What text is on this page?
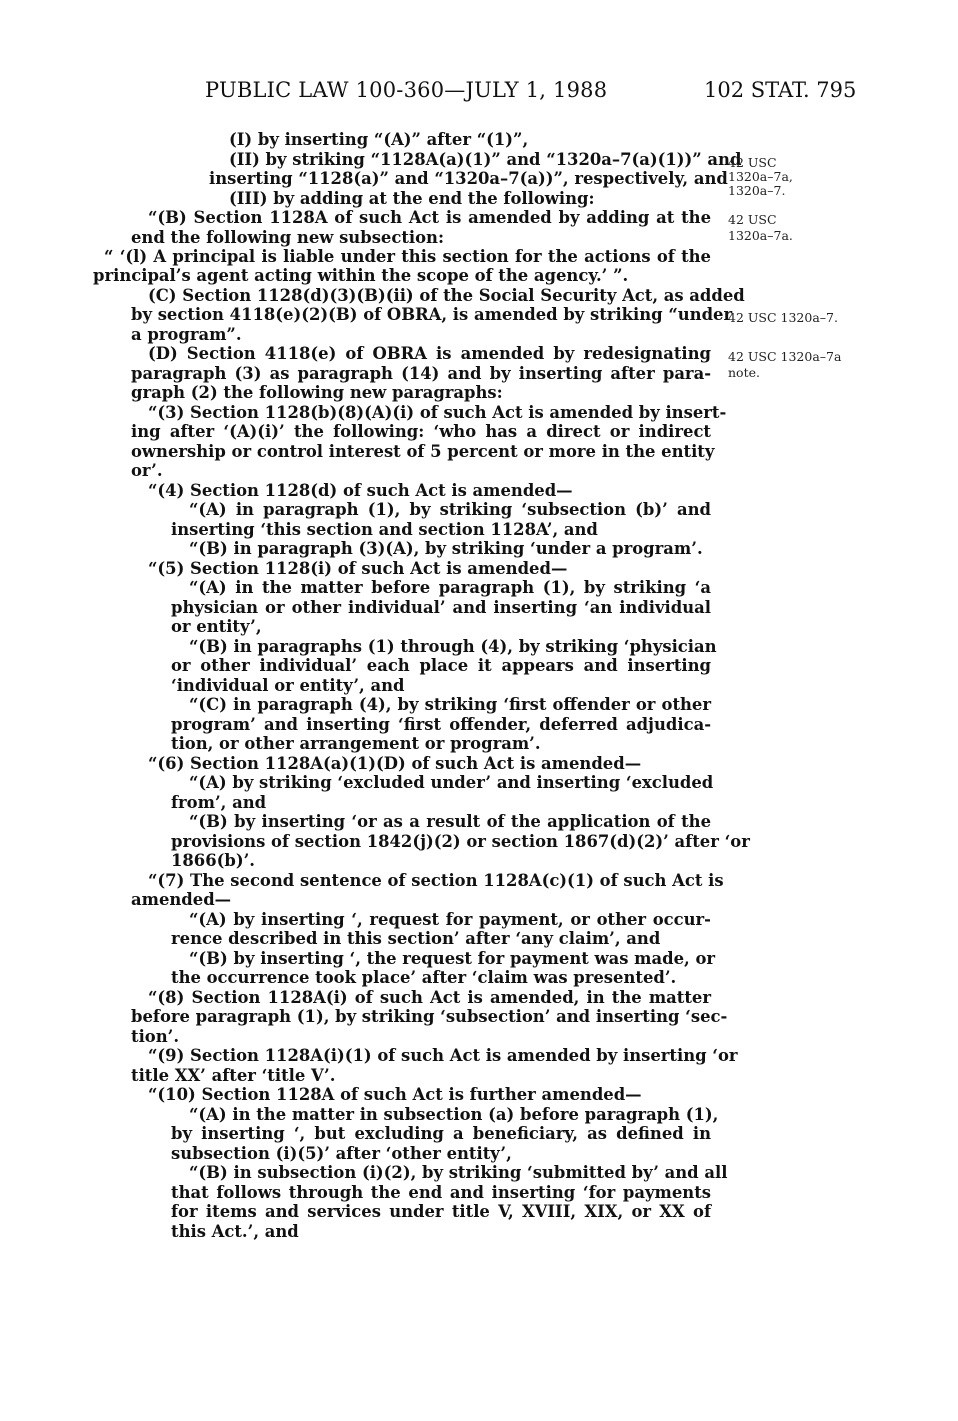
PUBLIC LAW 100-360—JULY 1, 1988	102 STAT. 795
(I) by inserting “(A)” after “(1)”,
(II) by striking “1128A(a)(1)” and “1320a–7(a)(1))” and
inserting “1128(a)” and “1320a–7(a))”, respectively, and
(III) by adding at the end the following:
“(B) Section 1128A of such Act is amended by adding at the
end the following new subsection:
“ ‘(l) A principal is liable under this section for the actions of the
principal’s agent acting within the scope of the agency.’ ”.
(C) Section 1128(d)(3)(B)(ii) of the Social Security Act, as added
by section 4118(e)(2)(B) of OBRA, is amended by striking “under
a program”.
(D) Section 4118(e) of OBRA is amended by redesignating
paragraph (3) as paragraph (14) and by inserting after para-
graph (2) the following new paragraphs:
“(3) Section 1128(b)(8)(A)(i) of such Act is amended by insert-
ing after ‘(A)(i)’ the following: ‘who has a direct or indirect
ownership or control interest of 5 percent or more in the entity
or’.
“(4) Section 1128(d) of such Act is amended—
“(A) in paragraph (1), by striking ‘subsection (b)’ and
inserting ‘this section and section 1128A’, and
“(B) in paragraph (3)(A), by striking ‘under a program’.
“(5) Section 1128(i) of such Act is amended—
“(A) in the matter before paragraph (1), by striking ‘a
physician or other individual’ and inserting ‘an individual
or entity’,
“(B) in paragraphs (1) through (4), by striking ‘physician
or other individual’ each place it appears and inserting
‘individual or entity’, and
“(C) in paragraph (4), by striking ‘first offender or other
program’ and inserting ‘first offender, deferred adjudica-
tion, or other arrangement or program’.
“(6) Section 1128A(a)(1)(D) of such Act is amended—
“(A) by striking ‘excluded under’ and inserting ‘excluded
from’, and
“(B) by inserting ‘or as a result of the application of the
provisions of section 1842(j)(2) or section 1867(d)(2)’ after ‘or
1866(b)’.
“(7) The second sentence of section 1128A(c)(1) of such Act is
amended—
“(A) by inserting ‘, request for payment, or other occur-
rence described in this section’ after ‘any claim’, and
“(B) by inserting ‘, the request for payment was made, or
the occurrence took place’ after ‘claim was presented’.
“(8) Section 1128A(i) of such Act is amended, in the matter
before paragraph (1), by striking ‘subsection’ and inserting ‘sec-
tion’.
“(9) Section 1128A(i)(1) of such Act is amended by inserting ‘or
title XX’ after ‘title V’.
“(10) Section 1128A of such Act is further amended—
“(A) in the matter in subsection (a) before paragraph (1),
by inserting ‘, but excluding a beneficiary, as defined in
subsection (i)(5)’ after ‘other entity’,
“(B) in subsection (i)(2), by striking ‘submitted by’ and all
that follows through the end and inserting ‘for payments
for items and services under title V, XVIII, XIX, or XX of
this Act.’, and
42 USC
1320a–7a,
1320a–7.
42 USC
1320a–7a.
42 USC 1320a–7.
42 USC 1320a–7a
note.
